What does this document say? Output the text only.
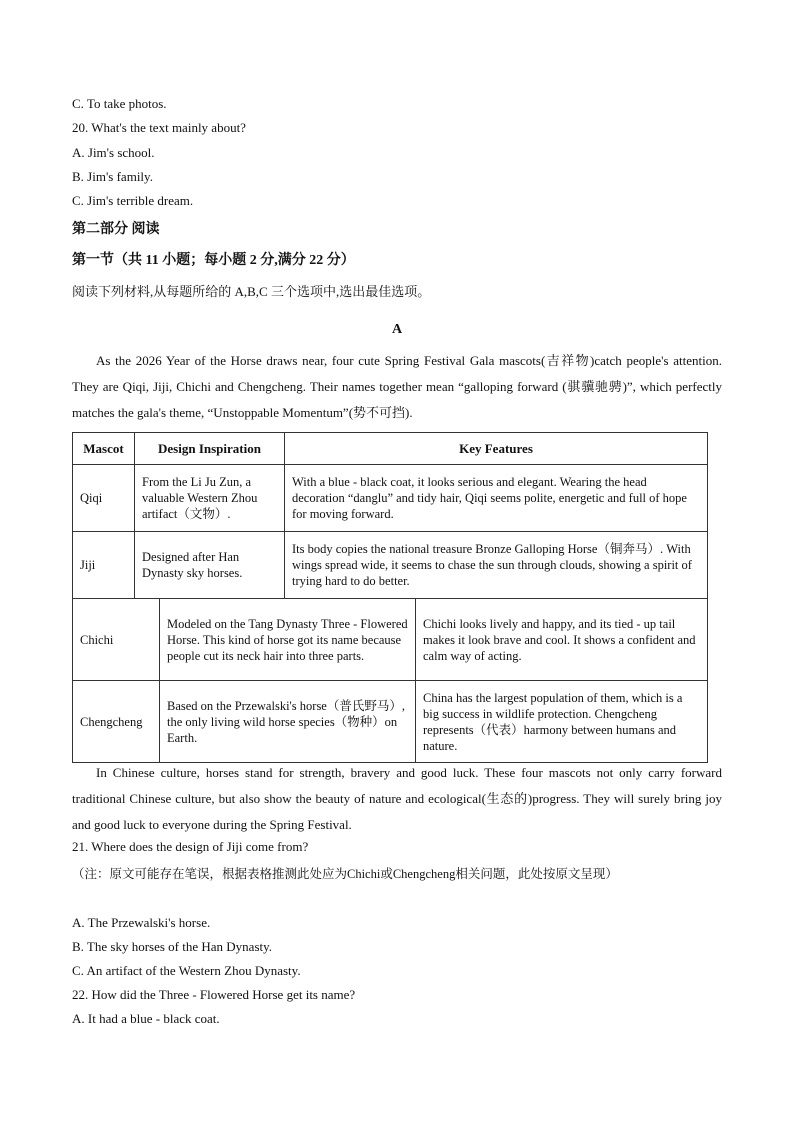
C. To take photos.
20. What's the text mainly about?
A. Jim's school.
B. Jim's family.
C. Jim's terrible dream.
第二部分 阅读
第一节（共 11 小题；每小题 2 分,满分 22 分）
阅读下列材料,从每题所给的 A,B,C 三个选项中,选出最佳选项。
A
As the 2026 Year of the Horse draws near, four cute Spring Festival Gala mascots(吉祥物)catch people's attention. They are Qiqi, Jiji, Chichi and Chengcheng. Their names together mean “galloping forward (骐骥驰骋)”, which perfectly matches the gala's theme, “Unstoppable Momentum”(势不可挡).
Mascot	Design Inspiration	Key Features
Qiqi	From the Li Ju Zun, a valuable Western Zhou artifact（文物）.	With a blue - black coat, it looks serious and elegant. Wearing the head decoration “danglu” and tidy hair, Qiqi seems polite, energetic and full of hope for moving forward.
Jiji	Designed after Han Dynasty sky horses.	Its body copies the national treasure Bronze Galloping Horse（铜奔马）. With wings spread wide, it seems to chase the sun through clouds, showing a spirit of trying hard to do better.
Chichi	Modeled on the Tang Dynasty Three - Flowered Horse. This kind of horse got its name because people cut its neck hair into three parts.	Chichi looks lively and happy, and its tied - up tail makes it look brave and cool. It shows a confident and calm way of acting.
Chengcheng	Based on the Przewalski's horse（普氏野马）, the only living wild horse species（物种）on Earth.	China has the largest population of them, which is a big success in wildlife protection. Chengcheng represents（代表）harmony between humans and nature.
In Chinese culture, horses stand for strength, bravery and good luck. These four mascots not only carry forward traditional Chinese culture, but also show the beauty of nature and ecological(生态的)progress. They will surely bring joy and good luck to everyone during the Spring Festival.
21. Where does the design of Jiji come from?
（注：原文可能存在笔误，根据表格推测此处应为Chichi或Chengcheng相关问题，此处按原文呈现）
A. The Przewalski's horse.
B. The sky horses of the Han Dynasty.
C. An artifact of the Western Zhou Dynasty.
22. How did the Three - Flowered Horse get its name?
A. It had a blue - black coat.
